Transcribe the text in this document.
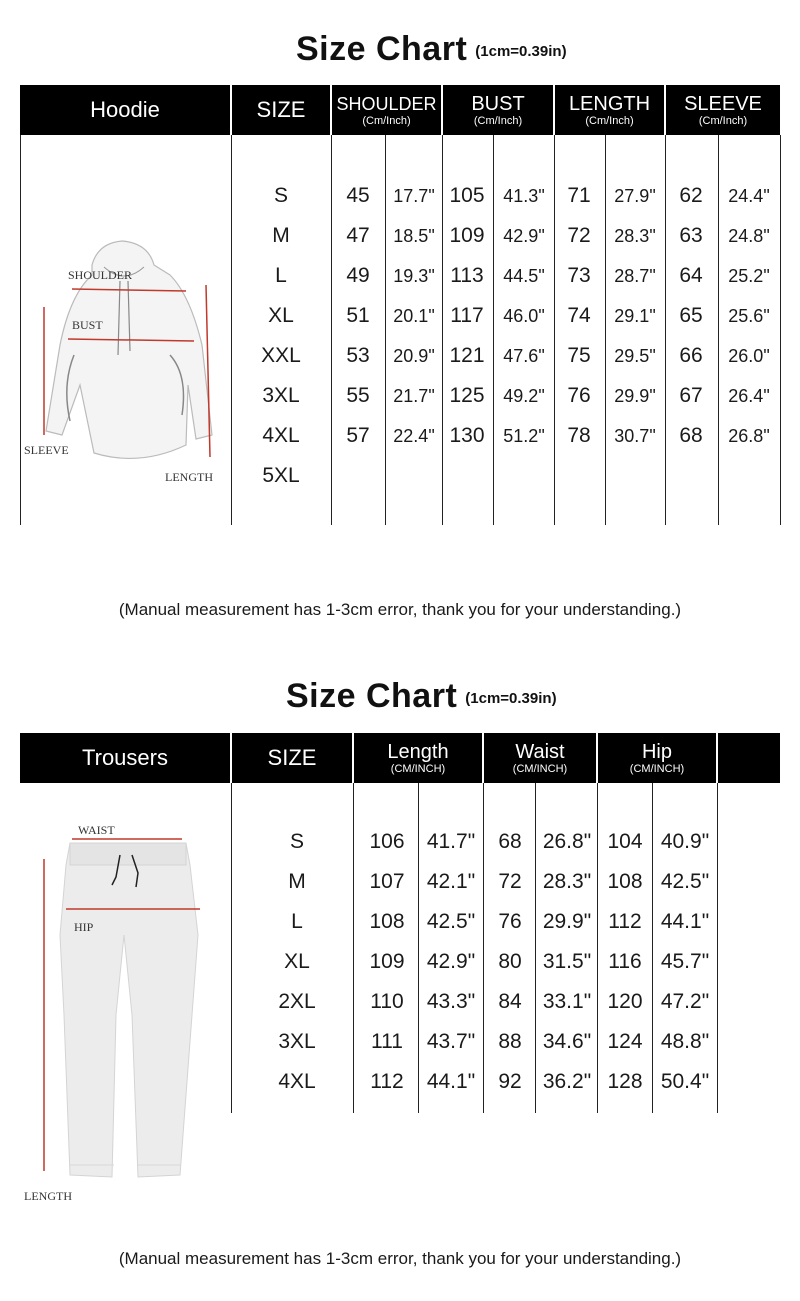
Size Chart (1cm=0.39in)
Hoodie	SIZE SHOULDER
(Cm/Inch)
BUST
(Cm/Inch)
LENGTH
(Cm/Inch)
SLEEVE
(Cm/Inch)
S	45	17.7" 105	41.3"	71	27.9"	62	24.4"
M	47	18.5" 109	42.9"	72	28.3"	63	24.8"
L	49	19.3" 113	44.5"	73	28.7"	64	25.2"
XL	51	20.1" 117	46.0"	74	29.1"	65	25.6"
XXL	53	20.9" 121	47.6"	75	29.5"	66	26.0"
3XL	55	21.7" 125	49.2"	76	29.9"	67	26.4"
4XL	57	22.4" 130	51.2"	78	30.7"	68	26.8"
5XL
SHOULDER
BUST
SLEEVE
LENGTH
(Manual measurement has 1-3cm error, thank you for your understanding.)
Size Chart (1cm=0.39in)
Trousers	SIZE	Length
(CM/INCH)
Waist
(CM/INCH)
Hip
(CM/INCH)
S	106	41.7"	68	26.8" 104 40.9"
M	107	42.1"	72	28.3" 108 42.5"
L	108	42.5"	76	29.9" 112 44.1"
XL	109	42.9"	80	31.5" 116 45.7"
2XL	110	43.3"	84	33.1" 120 47.2"
3XL	111	43.7"	88	34.6" 124 48.8"
4XL	112	44.1"	92	36.2" 128 50.4"
WAIST
HIP
LENGTH
(Manual measurement has 1-3cm error, thank you for your understanding.)
